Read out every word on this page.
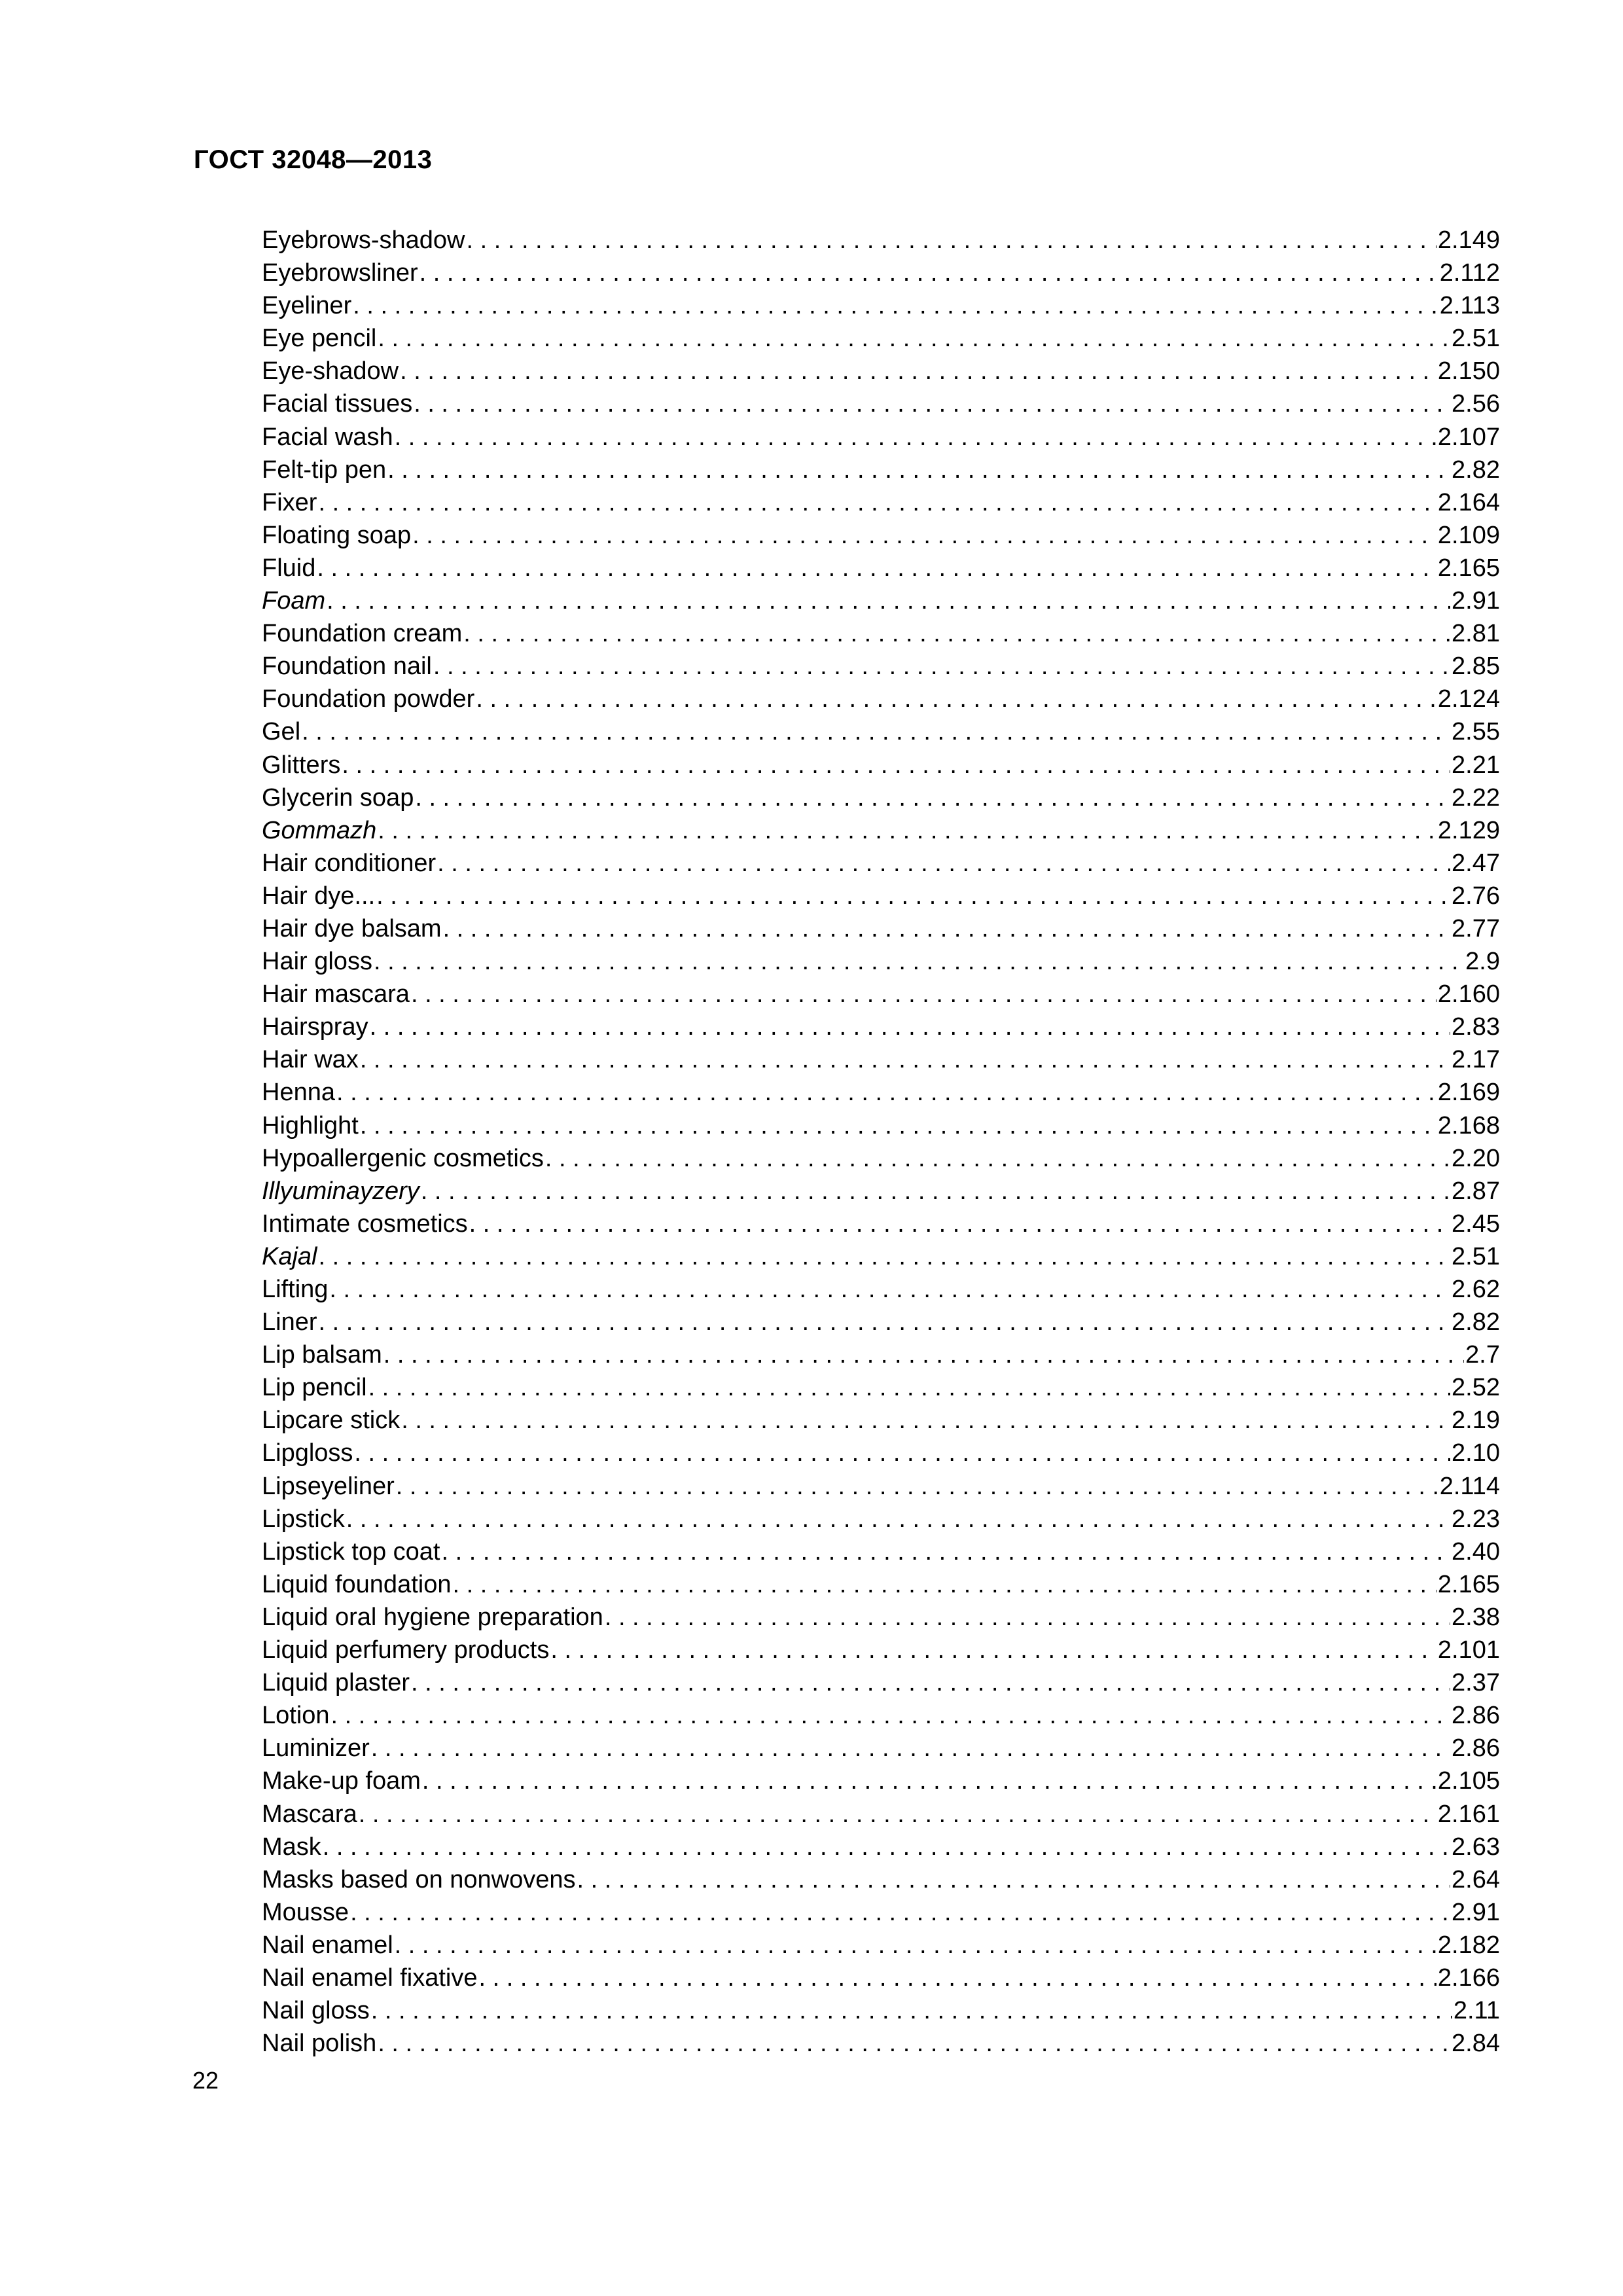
ГОСТ 32048—2013
Eyebrows-shadow . . .	2.149
Eyebrowsliner . . .	2.112
Eyeliner . . .	2.113
Eye pencil . . .	2.51
Eye-shadow . . .	2.150
Facial tissues . . .	2.56
Facial wash . . .	2.107
Felt-tip pen . . .	2.82
Fixer . . .	2.164
Floating soap . . .	2.109
Fluid . . .	2.165
Foam . . .	2.91
Foundation cream . . .	2.81
Foundation nail . . .	2.85
Foundation powder . . .	2.124
Gel . . .	2.55
Glitters . . .	2.21
Glycerin soap . . .	2.22
Gommazh . . .	2.129
Hair conditioner . . .	2.47
Hair dye... . . .	2.76
Hair dye balsam . . .	2.77
Hair gloss . . .	2.9
Hair mascara . . .	2.160
Hairspray . . .	2.83
Hair wax . . .	2.17
Henna . . .	2.169
Highlight . . .	2.168
Hypoallergenic cosmetics . . .	2.20
Illyuminayzery . . .	2.87
Intimate cosmetics . . .	2.45
Kajal . . .	2.51
Lifting . . .	2.62
Liner . . .	2.82
Lip balsam . . .	2.7
Lip pencil . . .	2.52
Lipcare stick . . .	2.19
Lipgloss . . .	2.10
Lipseyeliner . . .	2.114
Lipstick . . .	2.23
Lipstick top coat . . .	2.40
Liquid foundation . . .	2.165
Liquid oral hygiene preparation . . .	2.38
Liquid perfumery products . . .	2.101
Liquid plaster . . .	2.37
Lotion . . .	2.86
Luminizer . . .	2.86
Make-up foam . . .	2.105
Mascara . . .	2.161
Mask . . .	2.63
Masks based on nonwovens . . .	2.64
Mousse . . .	2.91
Nail enamel . . .	2.182
Nail enamel fixative . . .	2.166
Nail gloss . . .	2.11
Nail polish . . .	2.84
22
